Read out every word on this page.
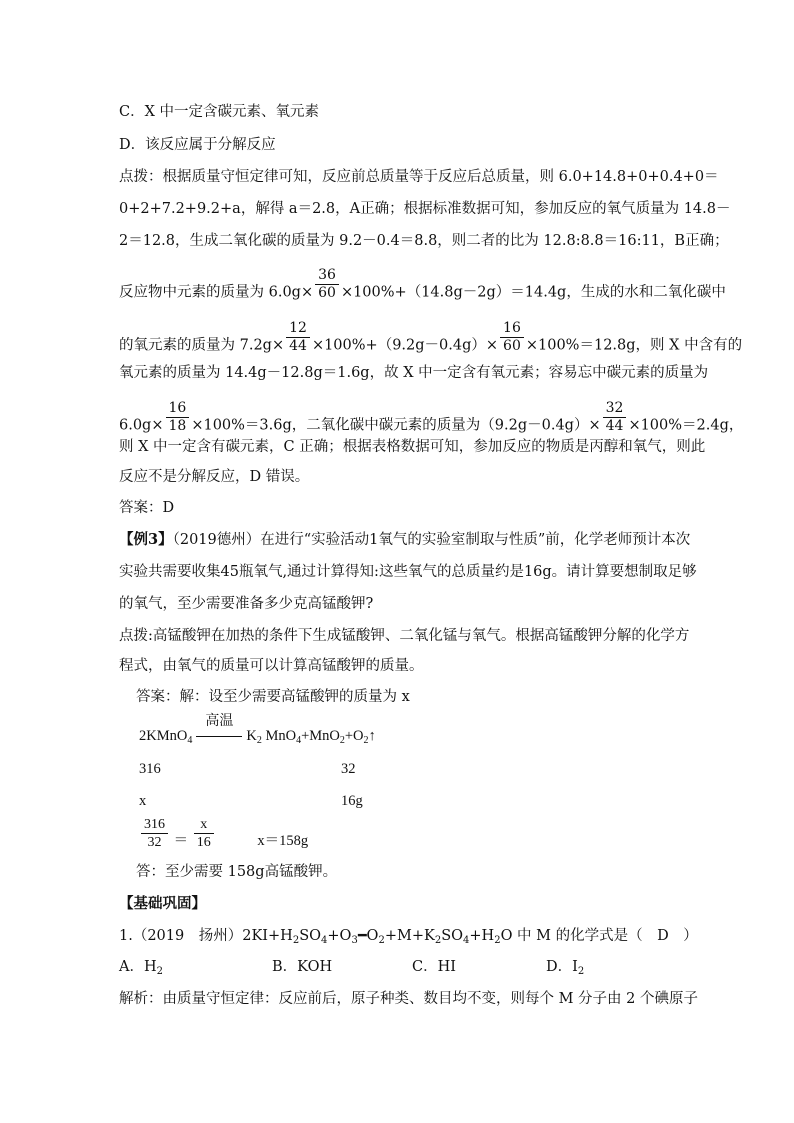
C．X 中一定含碳元素、氧元素
D．该反应属于分解反应
点拨：根据质量守恒定律可知，反应前总质量等于反应后总质量，则 6.0+14.8+0+0.4+0＝
0+2+7.2+9.2+a，解得 a＝2.8，A正确；根据标准数据可知，参加反应的氧气质量为 14.8－
2＝12.8，生成二氧化碳的质量为 9.2－0.4＝8.8，则二者的比为 12.8:8.8＝16:11，B正确；
反应物中元素的质量为 $6.0g\times \frac{36}{60} \times 100\%+(14.8g-2g)=14.4g$，生成的水和二氧化碳中
的氧元素的质量为 $7.2g\times \frac{12}{44} \times 100\%+(9.2g-0.4g)\times \frac{16}{60} \times 100\%=12.8g$，则 X 中含有的
氧元素的质量为 14.4g－12.8g＝1.6g，故 X 中一定含有氧元素；容易忘中碳元素的质量为
$6.0g\times \frac{16}{18} \times 100\%=3.6g$，二氧化碳中碳元素的质量为$(9.2g-0.4g)\times \frac{32}{44} \times 100\%=2.4g$，
则 X 中一定含有碳元素，C 正确；根据表格数据可知，参加反应的物质是丙醇和氧气，则此
反应不是分解反应，D 错误。
答案：D
【例3】（2019德州）在进行“实验活动1氧气的实验室制取与性质”前，化学老师预计本次
实验共需要收集45瓶氧气,通过计算得知:这些氧气的总质量约是16g。请计算要想制取足够
的氧气，至少需要准备多少克高锰酸钾?
点拨:高锰酸钾在加热的条件下生成锰酸钾、二氧化锰与氧气。根据高锰酸钾分解的化学方
程式，由氧气的质量可以计算高锰酸钾的质量。
答案：解：设至少需要高锰酸钾的质量为 x
2KMnO$_4$
高温
$K_2$ $MnO_4+MnO_2+O_2↑$
316	32
x	16g
$\frac{316}{32} = \frac{x}{16}$	x＝158g
答：至少需要 158g高锰酸钾。
【基础巩固】
1.（2019　扬州）$2KI+H_2SO_4+O_3━O_2+M+K_2SO_4+H_2O$ 中 M 的化学式是（　D　）
A．$H_2$	B．KOH	C．HI	D．$I_2$
解析：由质量守恒定律：反应前后，原子种类、数目均不变，则每个 M 分子由 2 个碘原子
